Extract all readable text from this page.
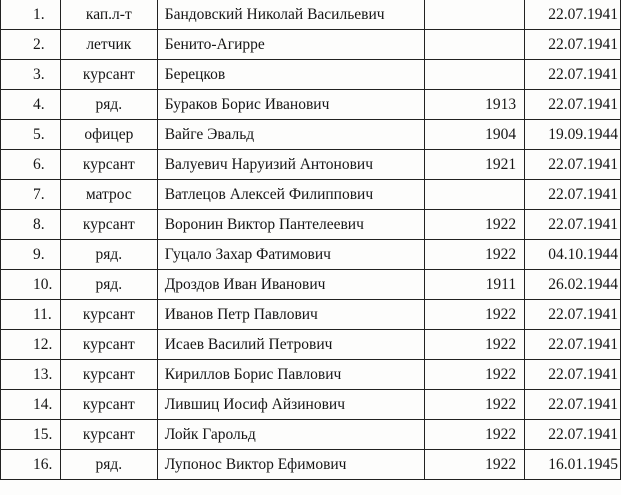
1.	кап.л-т	Бандовский Николай Васильевич		22.07.1941
2.	летчик	Бенито-Агирре		22.07.1941
3.	курсант	Берецков		22.07.1941
4.	ряд.	Бураков Борис Иванович	1913	22.07.1941
5.	офицер	Вайге Эвальд	1904	19.09.1944
6.	курсант	Валуевич Наруизий Антонович	1921	22.07.1941
7.	матрос	Ватлецов Алексей Филиппович		22.07.1941
8.	курсант	Воронин Виктор Пантелеевич	1922	22.07.1941
9.	ряд.	Гуцало Захар Фатимович	1922	04.10.1944
10.	ряд.	Дроздов Иван Иванович	1911	26.02.1944
11.	курсант	Иванов Петр Павлович	1922	22.07.1941
12.	курсант	Исаев Василий Петрович	1922	22.07.1941
13.	курсант	Кириллов Борис Павлович	1922	22.07.1941
14.	курсант	Лившиц Иосиф Айзинович	1922	22.07.1941
15.	курсант	Лойк Гарольд	1922	22.07.1941
16.	ряд.	Лупонос Виктор Ефимович	1922	16.01.1945
